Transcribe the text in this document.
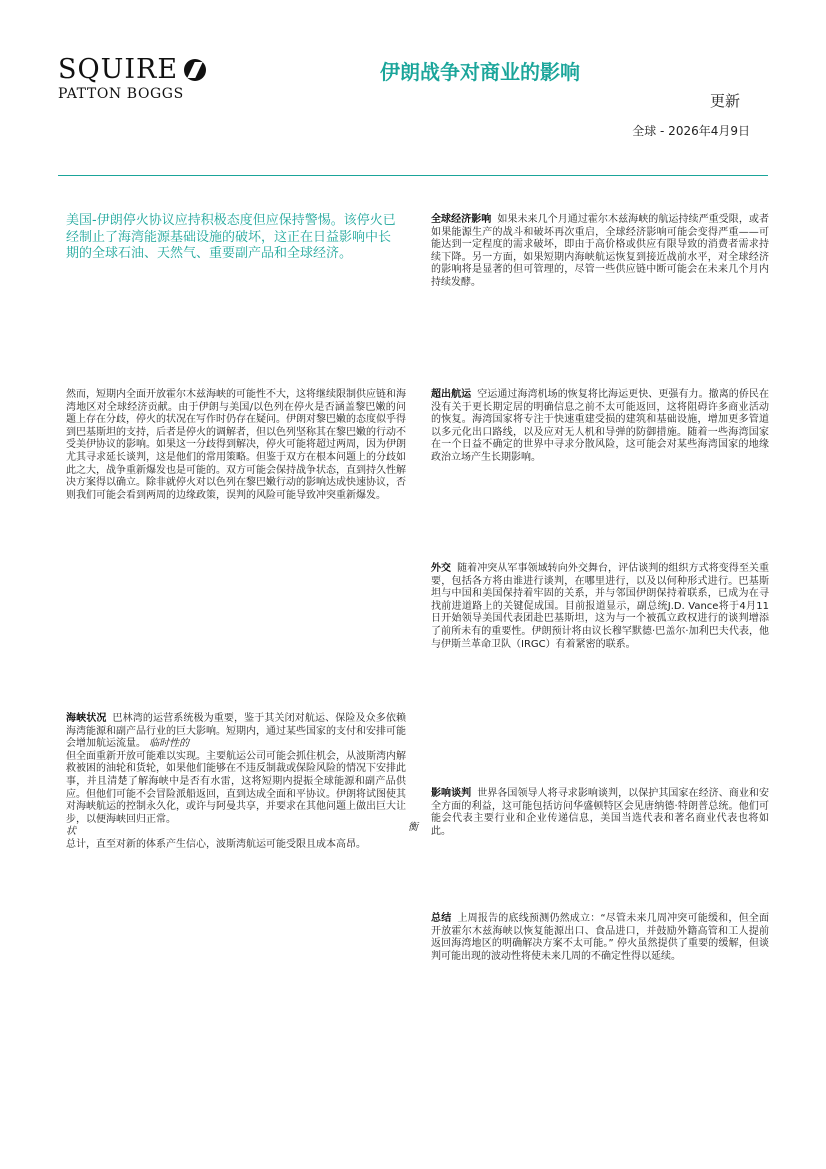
SQUIRE
PATTON BOGGS
伊朗战争对商业的影响
更新
全球 - 2026年4月9日
美国-伊朗停火协议应持积极态度但应保持警惕。该停火已经制止了海湾能源基础设施的破坏，这正在日益影响中长期的全球石油、天然气、重要副产品和全球经济。
然而，短期内全面开放霍尔木兹海峡的可能性不大，这将继续限制供应链和海湾地区对全球经济贡献。由于伊朗与美国/以色列在停火是否涵盖黎巴嫩的问题上存在分歧，停火的状况在写作时仍存在疑问。伊朗对黎巴嫩的态度似乎得到巴基斯坦的支持，后者是停火的调解者，但以色列坚称其在黎巴嫩的行动不受美伊协议的影响。如果这一分歧得到解决，停火可能将超过两周，因为伊朗尤其寻求延长谈判，这是他们的常用策略。但鉴于双方在根本问题上的分歧如此之大，战争重新爆发也是可能的。双方可能会保持战争状态，直到持久性解决方案得以确立。除非就停火对以色列在黎巴嫩行动的影响达成快速协议，否则我们可能会看到两周的边缘政策，误判的风险可能导致冲突重新爆发。
海峡状况 巴林湾的运营系统极为重要，鉴于其关闭对航运、保险及众多依赖海湾能源和副产品行业的巨大影响。短期内，通过某些国家的支付和安排可能会增加航运流量。 临时性的
但全面重新开放可能难以实现。主要航运公司可能会抓住机会，从波斯湾内解救被困的油轮和货轮，如果他们能够在不违反制裁或保险风险的情况下安排此事，并且清楚了解海峡中是否有水雷，这将短期内提振全球能源和副产品供应。但他们可能不会冒险派船返回，直到达成全面和平协议。伊朗将试图使其对海峡航运的控制永久化，或许与阿曼共享，并要求在其他问题上做出巨大让步，以便海峡回归正常。
状
总计，直至对新的体系产生信心，波斯湾航运可能受限且成本高昂。
衡
全球经济影响 如果未来几个月通过霍尔木兹海峡的航运持续严重受限，或者如果能源生产的战斗和破坏再次重启，全球经济影响可能会变得严重——可能达到一定程度的需求破坏，即由于高价格或供应有限导致的消费者需求持续下降。另一方面，如果短期内海峡航运恢复到接近战前水平，对全球经济的影响将是显著的但可管理的，尽管一些供应链中断可能会在未来几个月内持续发酵。
超出航运 空运通过海湾机场的恢复将比海运更快、更强有力。撤离的侨民在没有关于更长期定居的明确信息之前不太可能返回，这将阻碍许多商业活动的恢复。海湾国家将专注于快速重建受损的建筑和基础设施，增加更多管道以多元化出口路线，以及应对无人机和导弹的防御措施。随着一些海湾国家在一个日益不确定的世界中寻求分散风险，这可能会对某些海湾国家的地缘政治立场产生长期影响。
外交 随着冲突从军事领域转向外交舞台，评估谈判的组织方式将变得至关重要，包括各方将由谁进行谈判，在哪里进行，以及以何种形式进行。巴基斯坦与中国和美国保持着牢固的关系，并与邻国伊朗保持着联系，已成为在寻找前进道路上的关键促成国。目前报道显示，副总统J.D. Vance将于4月11日开始领导美国代表团赴巴基斯坦，这为与一个被孤立政权进行的谈判增添了前所未有的重要性。伊朗预计将由议长穆罕默德·巴盖尔·加利巴夫代表，他与伊斯兰革命卫队（IRGC）有着紧密的联系。
影响谈判 世界各国领导人将寻求影响谈判，以保护其国家在经济、商业和安全方面的利益，这可能包括访问华盛顿特区会见唐纳德·特朗普总统。他们可能会代表主要行业和企业传递信息，美国当选代表和著名商业代表也将如此。
总结 上周报告的底线预测仍然成立：“尽管未来几周冲突可能缓和，但全面开放霍尔木兹海峡以恢复能源出口、食品进口，并鼓励外籍高管和工人提前返回海湾地区的明确解决方案不太可能。” 停火虽然提供了重要的缓解，但谈判可能出现的波动性将使未来几周的不确定性得以延续。
